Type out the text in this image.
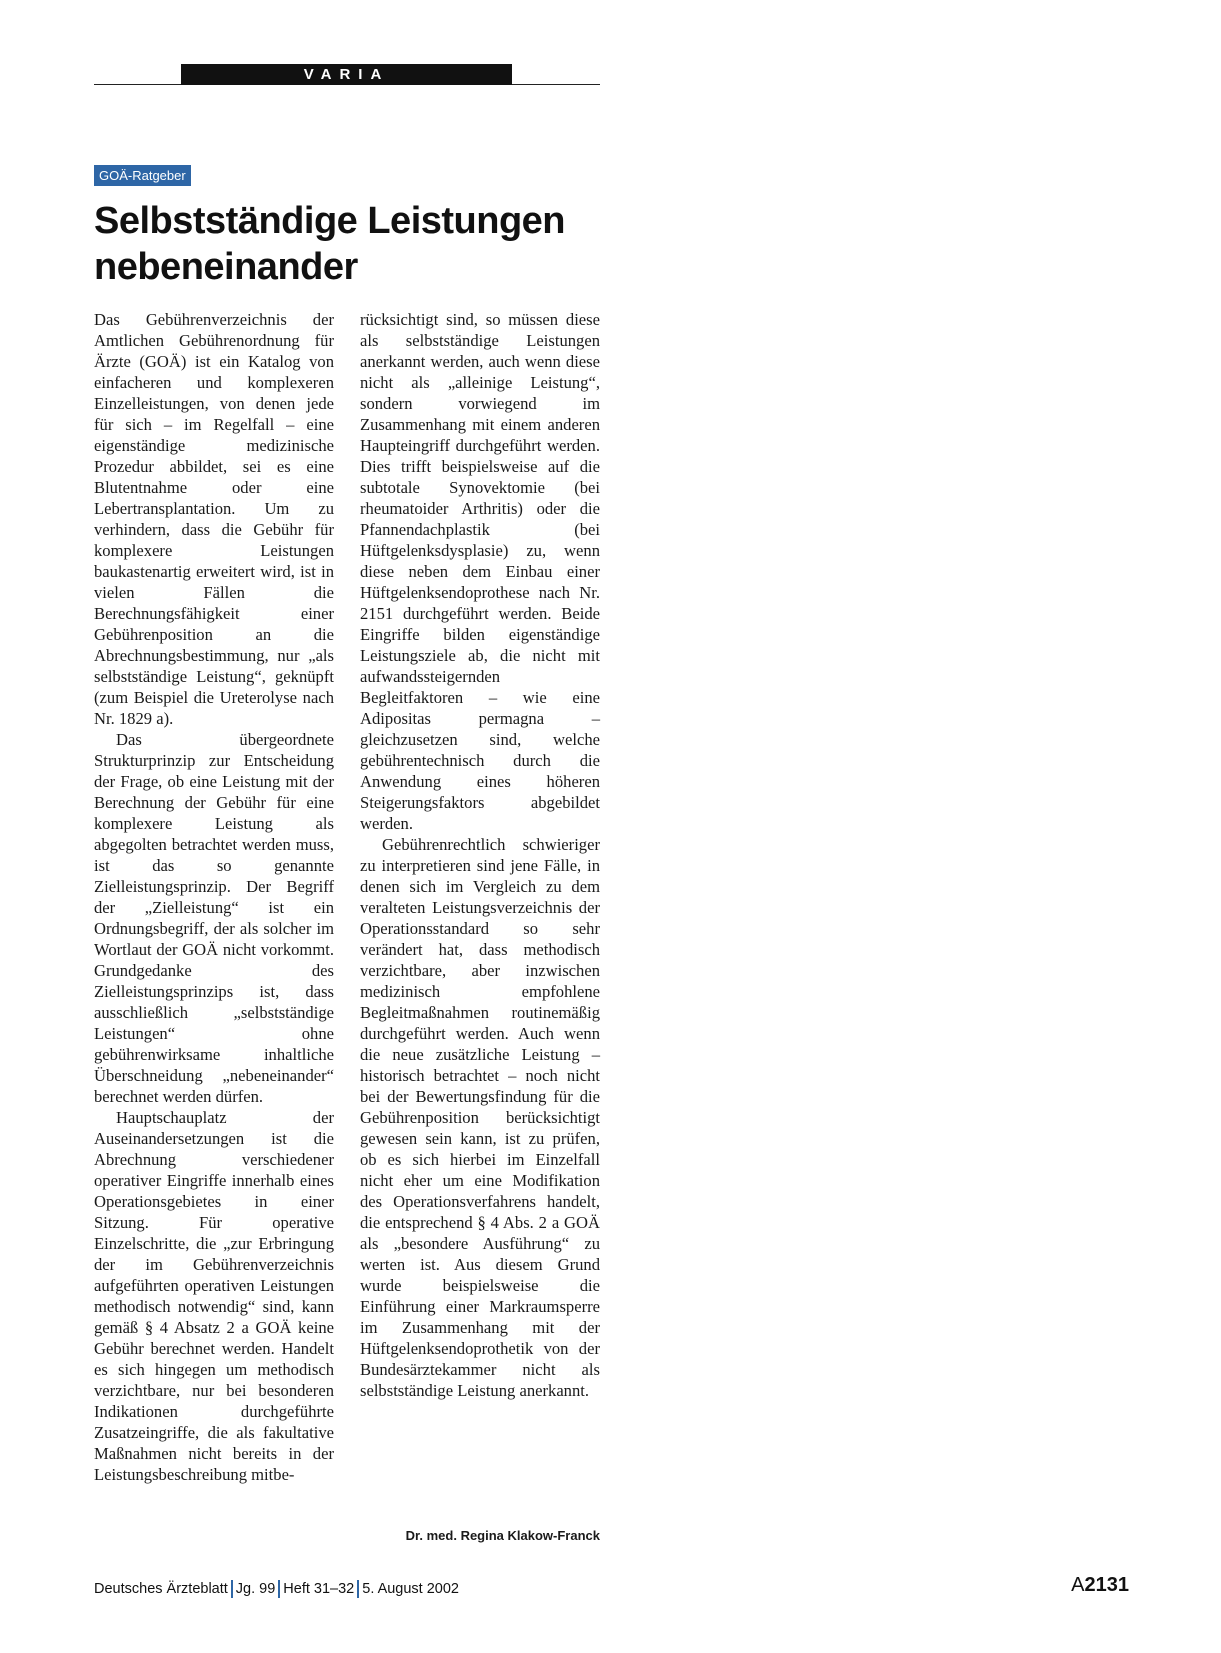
VARIA
GOÄ-Ratgeber
Selbstständige Leistungen nebeneinander

Das Gebührenverzeichnis der Amtlichen Gebührenordnung für Ärzte (GOÄ) ist ein Katalog von einfacheren und komplexeren Einzelleistungen, von denen jede für sich – im Regelfall – eine eigenständige medizinische Prozedur abbildet, sei es eine Blutentnahme oder eine Lebertransplantation. Um zu verhindern, dass die Gebühr für komplexere Leistungen baukastenartig erweitert wird, ist in vielen Fällen die Berechnungsfähigkeit einer Gebührenposition an die Abrechnungsbestimmung, nur „als selbstständige Leistung“, geknüpft (zum Beispiel die Ureterolyse nach Nr. 1829 a).

Das übergeordnete Strukturprinzip zur Entscheidung der Frage, ob eine Leistung mit der Berechnung der Gebühr für eine komplexere Leistung als abgegolten betrachtet werden muss, ist das so genannte Zielleistungsprinzip. Der Begriff der „Zielleistung“ ist ein Ordnungsbegriff, der als solcher im Wortlaut der GOÄ nicht vorkommt. Grundgedanke des Zielleistungsprinzips ist, dass ausschließlich „selbstständige Leistungen“ ohne gebührenwirksame inhaltliche Überschneidung „nebeneinander“ berechnet werden dürfen.

Hauptschauplatz der Auseinandersetzungen ist die Abrechnung verschiedener operativer Eingriffe innerhalb eines Operationsgebietes in einer Sitzung. Für operative Einzelschritte, die „zur Erbringung der im Gebührenverzeichnis aufgeführten operativen Leistungen methodisch notwendig“ sind, kann gemäß § 4 Absatz 2 a GOÄ keine Gebühr berechnet werden. Handelt es sich hingegen um methodisch verzichtbare, nur bei besonderen Indikationen durchgeführte Zusatzeingriffe, die als fakultative Maßnahmen nicht bereits in der Leistungsbeschreibung mitbe-

rücksichtigt sind, so müssen diese als selbstständige Leistungen anerkannt werden, auch wenn diese nicht als „alleinige Leistung“, sondern vorwiegend im Zusammenhang mit einem anderen Haupteingriff durchgeführt werden. Dies trifft beispielsweise auf die subtotale Synovektomie (bei rheumatoider Arthritis) oder die Pfannendachplastik (bei Hüftgelenksdysplasie) zu, wenn diese neben dem Einbau einer Hüftgelenksendoprothese nach Nr. 2151 durchgeführt werden. Beide Eingriffe bilden eigenständige Leistungsziele ab, die nicht mit aufwandssteigernden Begleitfaktoren – wie eine Adipositas permagna – gleichzusetzen sind, welche gebührentechnisch durch die Anwendung eines höheren Steigerungsfaktors abgebildet werden.

Gebührenrechtlich schwieriger zu interpretieren sind jene Fälle, in denen sich im Vergleich zu dem veralteten Leistungsverzeichnis der Operationsstandard so sehr verändert hat, dass methodisch verzichtbare, aber inzwischen medizinisch empfohlene Begleitmaßnahmen routinemäßig durchgeführt werden. Auch wenn die neue zusätzliche Leistung – historisch betrachtet – noch nicht bei der Bewertungsfindung für die Gebührenposition berücksichtigt gewesen sein kann, ist zu prüfen, ob es sich hierbei im Einzelfall nicht eher um eine Modifikation des Operationsverfahrens handelt, die entsprechend § 4 Abs. 2 a GOÄ als „besondere Ausführung“ zu werten ist. Aus diesem Grund wurde beispielsweise die Einführung einer Markraumsperre im Zusammenhang mit der Hüftgelenksendoprothetik von der Bundesärztekammer nicht als selbstständige Leistung anerkannt.

Dr. med. Regina Klakow-Franck
Deutsches Ärzteblatt Jg. 99 Heft 31–32 5. August 2002	A2131
